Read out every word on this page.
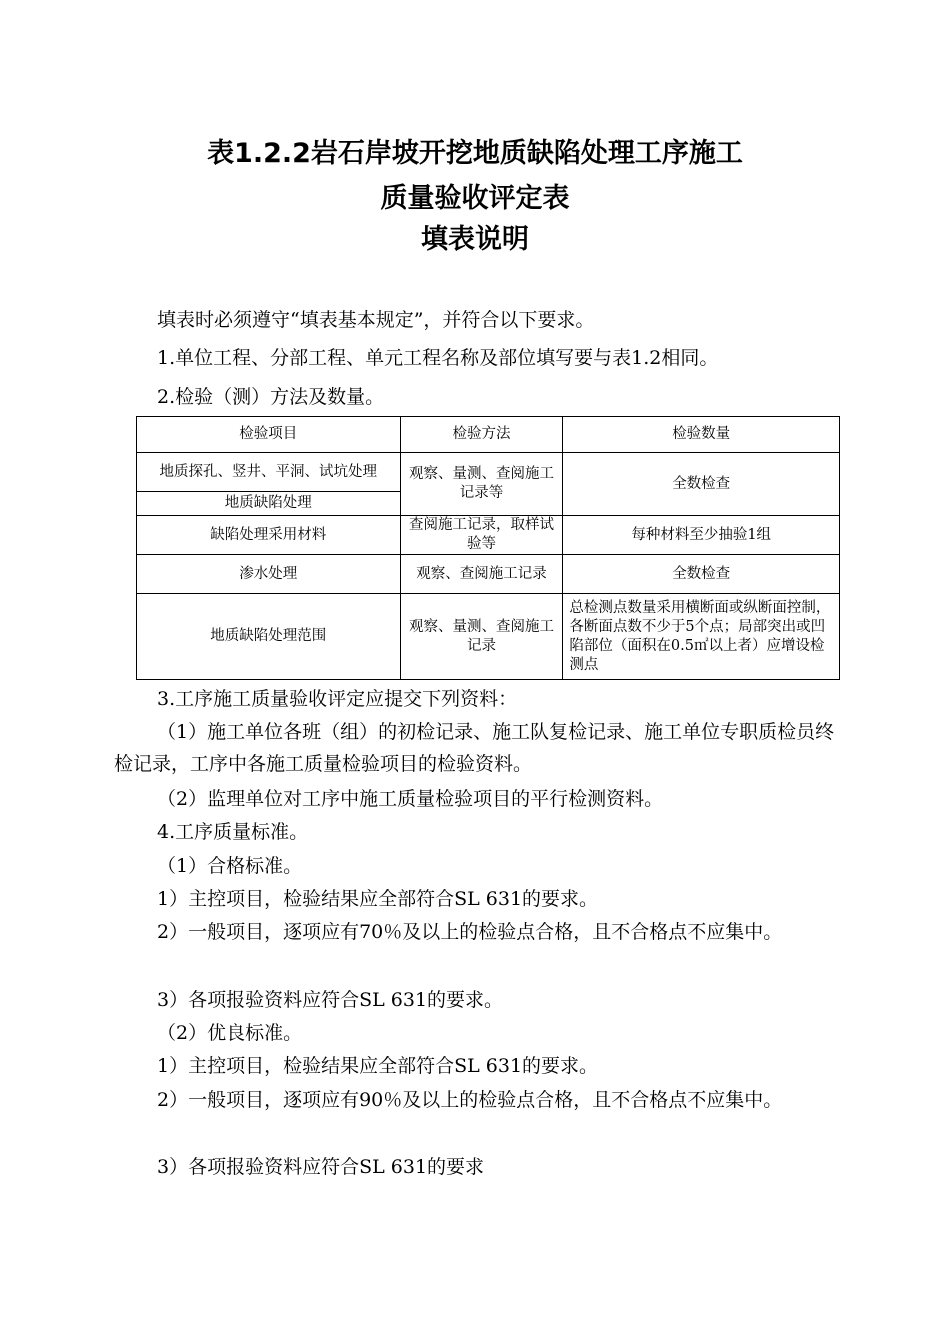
表1.2.2岩石岸坡开挖地质缺陷处理工序施工
质量验收评定表
填表说明

填表时必须遵守“填表基本规定”，并符合以下要求。

1.单位工程、分部工程、单元工程名称及部位填写要与表1.2相同。

2.检验（测）方法及数量。

检验项目	检验方法	检验数量
地质探孔、竖井、平洞、试坑处理	观察、量测、查阅施工记录等	全数检查
地质缺陷处理		
缺陷处理采用材料	查阅施工记录，取样试验等	每种材料至少抽验1组
渗水处理	观察、查阅施工记录	全数检查
地质缺陷处理范围	观察、量测、查阅施工记录	总检测点数量采用横断面或纵断面控制，各断面点数不少于5个点；局部突出或凹陷部位（面积在0.5㎡以上者）应增设检测点

3.工序施工质量验收评定应提交下列资料：

（1）施工单位各班（组）的初检记录、施工队复检记录、施工单位专职质检员终检记录，工序中各施工质量检验项目的检验资料。

（2）监理单位对工序中施工质量检验项目的平行检测资料。

4.工序质量标准。

（1）合格标准。

1）主控项目，检验结果应全部符合SL 631的要求。

2）一般项目，逐项应有70％及以上的检验点合格，且不合格点不应集中。

3）各项报验资料应符合SL 631的要求。

（2）优良标准。

1）主控项目，检验结果应全部符合SL 631的要求。

2）一般项目，逐项应有90％及以上的检验点合格，且不合格点不应集中。

3）各项报验资料应符合SL 631的要求
